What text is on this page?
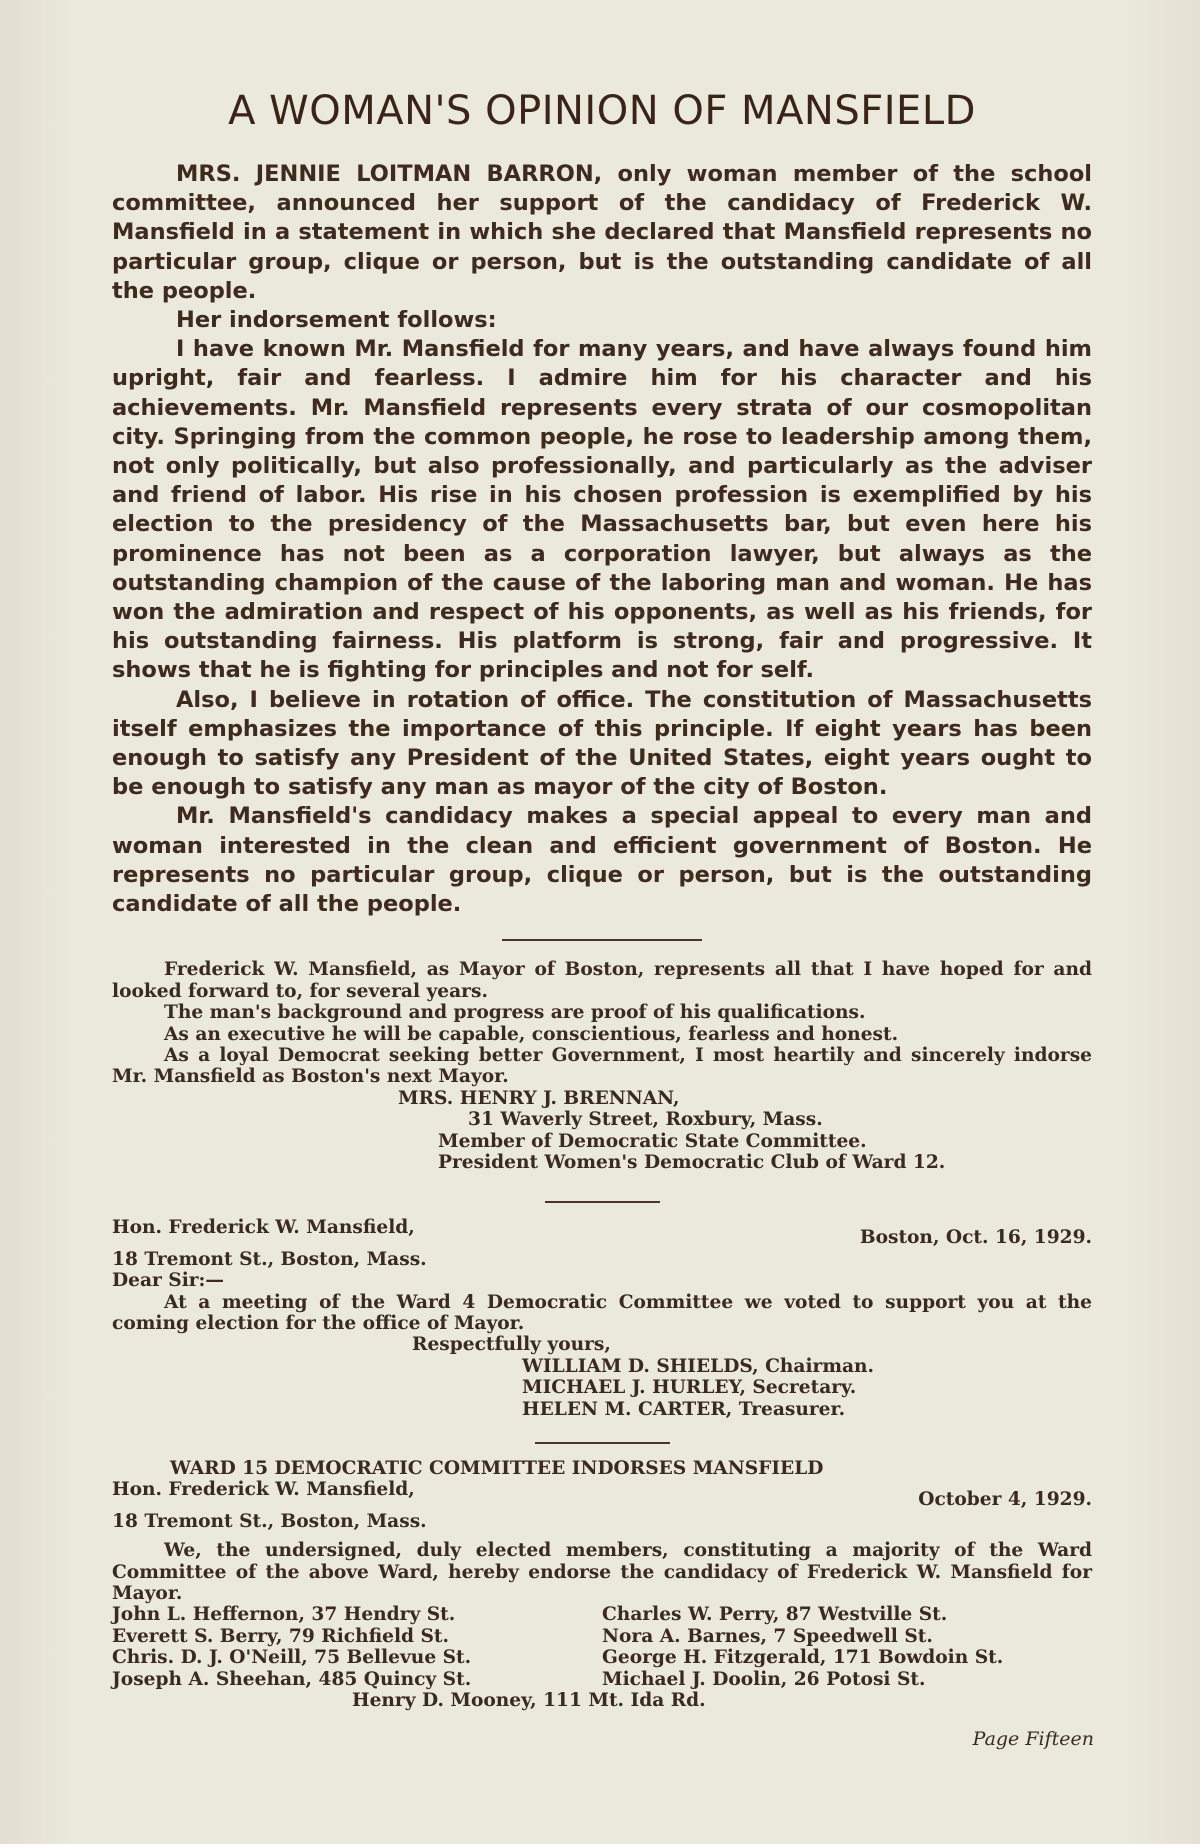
A WOMAN'S OPINION OF MANSFIELD

MRS. JENNIE LOITMAN BARRON, only woman member of the school committee, announced her support of the candidacy of Frederick W. Mansfield in a statement in which she declared that Mansfield represents no particular group, clique or person, but is the outstanding candidate of all the people.

Her indorsement follows:

I have known Mr. Mansfield for many years, and have always found him upright, fair and fearless. I admire him for his character and his achievements. Mr. Mansfield represents every strata of our cosmopolitan city. Springing from the common people, he rose to leadership among them, not only politically, but also professionally, and particularly as the adviser and friend of labor. His rise in his chosen profession is exemplified by his election to the presidency of the Massachusetts bar, but even here his prominence has not been as a corporation lawyer, but always as the outstanding champion of the cause of the laboring man and woman. He has won the admiration and respect of his opponents, as well as his friends, for his outstanding fairness. His platform is strong, fair and progressive. It shows that he is fighting for principles and not for self.

Also, I believe in rotation of office. The constitution of Massachusetts itself emphasizes the importance of this principle. If eight years has been enough to satisfy any President of the United States, eight years ought to be enough to satisfy any man as mayor of the city of Boston.

Mr. Mansfield's candidacy makes a special appeal to every man and woman interested in the clean and efficient government of Boston. He represents no particular group, clique or person, but is the outstanding candidate of all the people.

Frederick W. Mansfield, as Mayor of Boston, represents all that I have hoped for and looked forward to, for several years.

The man's background and progress are proof of his qualifications.

As an executive he will be capable, conscientious, fearless and honest.

As a loyal Democrat seeking better Government, I most heartily and sincerely indorse Mr. Mansfield as Boston's next Mayor.

MRS. HENRY J. BRENNAN,
31 Waverly Street, Roxbury, Mass.
Member of Democratic State Committee.
President Women's Democratic Club of Ward 12.
Hon. Frederick W. Mansfield,	Boston, Oct. 16, 1929.
18 Tremont St., Boston, Mass.
Dear Sir:—

At a meeting of the Ward 4 Democratic Committee we voted to support you at the coming election for the office of Mayor.

Respectfully yours,
WILLIAM D. SHIELDS, Chairman.
MICHAEL J. HURLEY, Secretary.
HELEN M. CARTER, Treasurer.
WARD 15 DEMOCRATIC COMMITTEE INDORSES MANSFIELD
Hon. Frederick W. Mansfield,	October 4, 1929.
18 Tremont St., Boston, Mass.

We, the undersigned, duly elected members, constituting a majority of the Ward Committee of the above Ward, hereby endorse the candidacy of Frederick W. Mansfield for Mayor.

John L. Heffernon, 37 Hendry St.	Charles W. Perry, 87 Westville St.
Everett S. Berry, 79 Richfield St.	Nora A. Barnes, 7 Speedwell St.
Chris. D. J. O'Neill, 75 Bellevue St.	George H. Fitzgerald, 171 Bowdoin St.
Joseph A. Sheehan, 485 Quincy St.	Michael J. Doolin, 26 Potosi St.
Henry D. Mooney, 111 Mt. Ida Rd.
Page Fifteen
